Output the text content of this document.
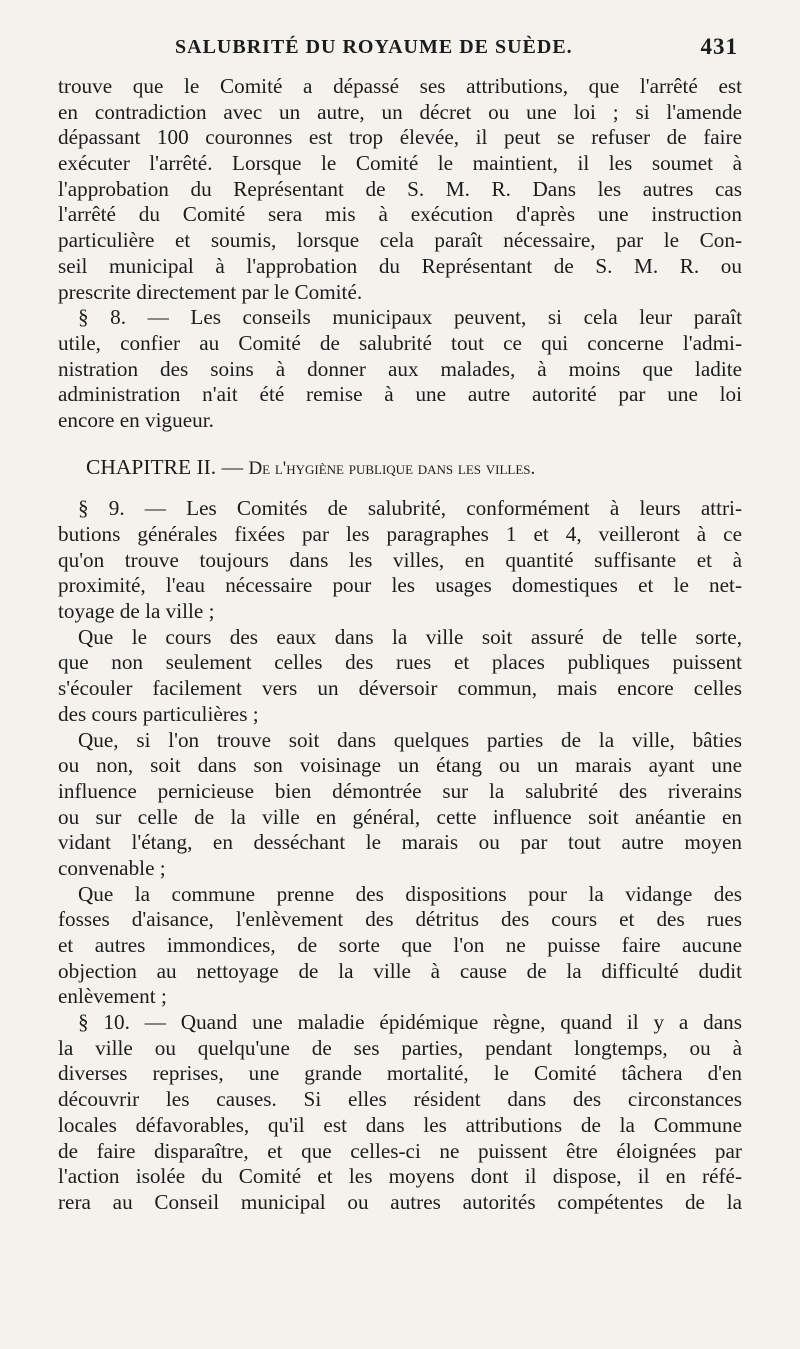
SALUBRITÉ DU ROYAUME DE SUÈDE.	431
trouve que le Comité a dépassé ses attributions, que l'arrêté est
en contradiction avec un autre, un décret ou une loi ; si l'amende
dépassant 100 couronnes est trop élevée, il peut se refuser de faire
exécuter l'arrêté. Lorsque le Comité le maintient, il les soumet à
l'approbation du Représentant de S. M. R. Dans les autres cas
l'arrêté du Comité sera mis à exécution d'après une instruction
particulière et soumis, lorsque cela paraît nécessaire, par le Con-
seil municipal à l'approbation du Représentant de S. M. R. ou
prescrite directement par le Comité.
§ 8. — Les conseils municipaux peuvent, si cela leur paraît
utile, confier au Comité de salubrité tout ce qui concerne l'admi-
nistration des soins à donner aux malades, à moins que ladite
administration n'ait été remise à une autre autorité par une loi
encore en vigueur.
CHAPITRE II. — De l'hygiène publique dans les villes.
§ 9. — Les Comités de salubrité, conformément à leurs attri-
butions générales fixées par les paragraphes 1 et 4, veilleront à ce
qu'on trouve toujours dans les villes, en quantité suffisante et à
proximité, l'eau nécessaire pour les usages domestiques et le net-
toyage de la ville ;
Que le cours des eaux dans la ville soit assuré de telle sorte,
que non seulement celles des rues et places publiques puissent
s'écouler facilement vers un déversoir commun, mais encore celles
des cours particulières ;
Que, si l'on trouve soit dans quelques parties de la ville, bâties
ou non, soit dans son voisinage un étang ou un marais ayant une
influence pernicieuse bien démontrée sur la salubrité des riverains
ou sur celle de la ville en général, cette influence soit anéantie en
vidant l'étang, en desséchant le marais ou par tout autre moyen
convenable ;
Que la commune prenne des dispositions pour la vidange des
fosses d'aisance, l'enlèvement des détritus des cours et des rues
et autres immondices, de sorte que l'on ne puisse faire aucune
objection au nettoyage de la ville à cause de la difficulté dudit
enlèvement ;
§ 10. — Quand une maladie épidémique règne, quand il y a dans
la ville ou quelqu'une de ses parties, pendant longtemps, ou à
diverses reprises, une grande mortalité, le Comité tâchera d'en
découvrir les causes. Si elles résident dans des circonstances
locales défavorables, qu'il est dans les attributions de la Commune
de faire disparaître, et que celles-ci ne puissent être éloignées par
l'action isolée du Comité et les moyens dont il dispose, il en réfé-
rera au Conseil municipal ou autres autorités compétentes de la
